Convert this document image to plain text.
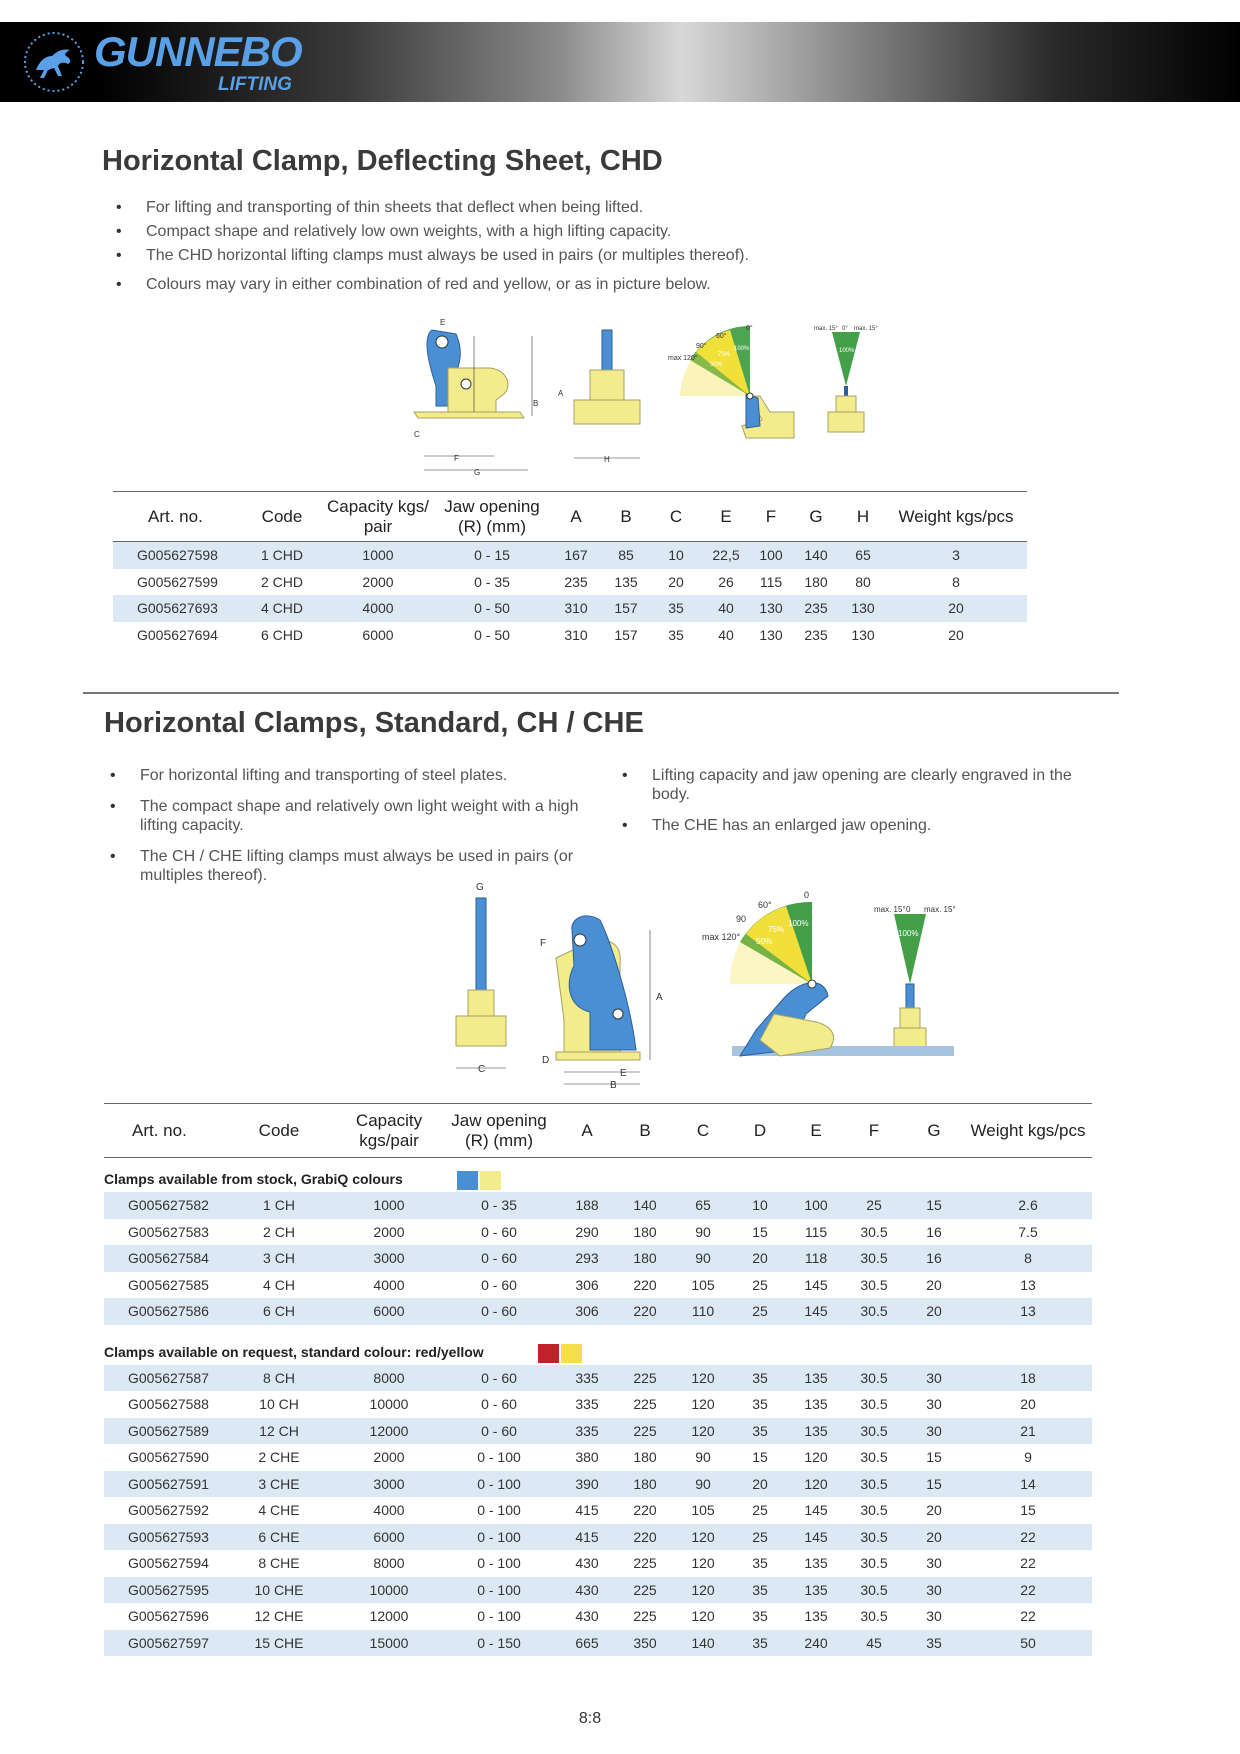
GUNNEBO
LIFTING
Horizontal Clamp, Deflecting Sheet, CHD
• For lifting and transporting of thin sheets that deflect when being lifted.
• Compact shape and relatively low own weights, with a high lifting capacity.
• The CHD horizontal lifting clamps must always be used in pairs (or multiples thereof).
• Colours may vary in either combination of red and yellow, or as in picture below.
E
B
C
F
G
A
H
max 120°
90°
60°
0°
100%
75%
50%
max. 15° 0° max. 15°
100%
Art. no.	Code	Capacity kgs/ pair	Jaw opening (R) (mm)	A	B	C	E	F	G	H	Weight kgs/pcs
G005627598	1 CHD	1000	0 - 15	167	85	10	22,5	100	140	65	3
G005627599	2 CHD	2000	0 - 35	235	135	20	26	115	180	80	8
G005627693	4 CHD	4000	0 - 50	310	157	35	40	130	235	130	20
G005627694	6 CHD	6000	0 - 50	310	157	35	40	130	235	130	20
Horizontal Clamps, Standard, CH / CHE
• For horizontal lifting and transporting of steel plates.
• The compact shape and relatively own light weight with a high lifting capacity.
• The CH / CHE lifting clamps must always be used in pairs (or multiples thereof).
• Lifting capacity and jaw opening are clearly engraved in the body.
• The CHE has an enlarged jaw opening.
G
C
F
A
D
E
B
max 120°
90
60°
0
100%
75%
50%
max. 15° 0 max. 15°
100%
Art. no.	Code	Capacity kgs/pair	Jaw opening (R) (mm)	A	B	C	D	E	F	G	Weight kgs/pcs
Clamps available from stock, GrabiQ colours											
G005627582	1 CH	1000	0 - 35	188	140	65	10	100	25	15	2.6
G005627583	2 CH	2000	0 - 60	290	180	90	15	115	30.5	16	7.5
G005627584	3 CH	3000	0 - 60	293	180	90	20	118	30.5	16	8
G005627585	4 CH	4000	0 - 60	306	220	105	25	145	30.5	20	13
G005627586	6 CH	6000	0 - 60	306	220	110	25	145	30.5	20	13
Clamps available on request, standard colour: red/yellow											
G005627587	8 CH	8000	0 - 60	335	225	120	35	135	30.5	30	18
G005627588	10 CH	10000	0 - 60	335	225	120	35	135	30.5	30	20
G005627589	12 CH	12000	0 - 60	335	225	120	35	135	30.5	30	21
G005627590	2 CHE	2000	0 - 100	380	180	90	15	120	30.5	15	9
G005627591	3 CHE	3000	0 - 100	390	180	90	20	120	30.5	15	14
G005627592	4 CHE	4000	0 - 100	415	220	105	25	145	30.5	20	15
G005627593	6 CHE	6000	0 - 100	415	220	120	25	145	30.5	20	22
G005627594	8 CHE	8000	0 - 100	430	225	120	35	135	30.5	30	22
G005627595	10 CHE	10000	0 - 100	430	225	120	35	135	30.5	30	22
G005627596	12 CHE	12000	0 - 100	430	225	120	35	135	30.5	30	22
G005627597	15 CHE	15000	0 - 150	665	350	140	35	240	45	35	50
8:8
